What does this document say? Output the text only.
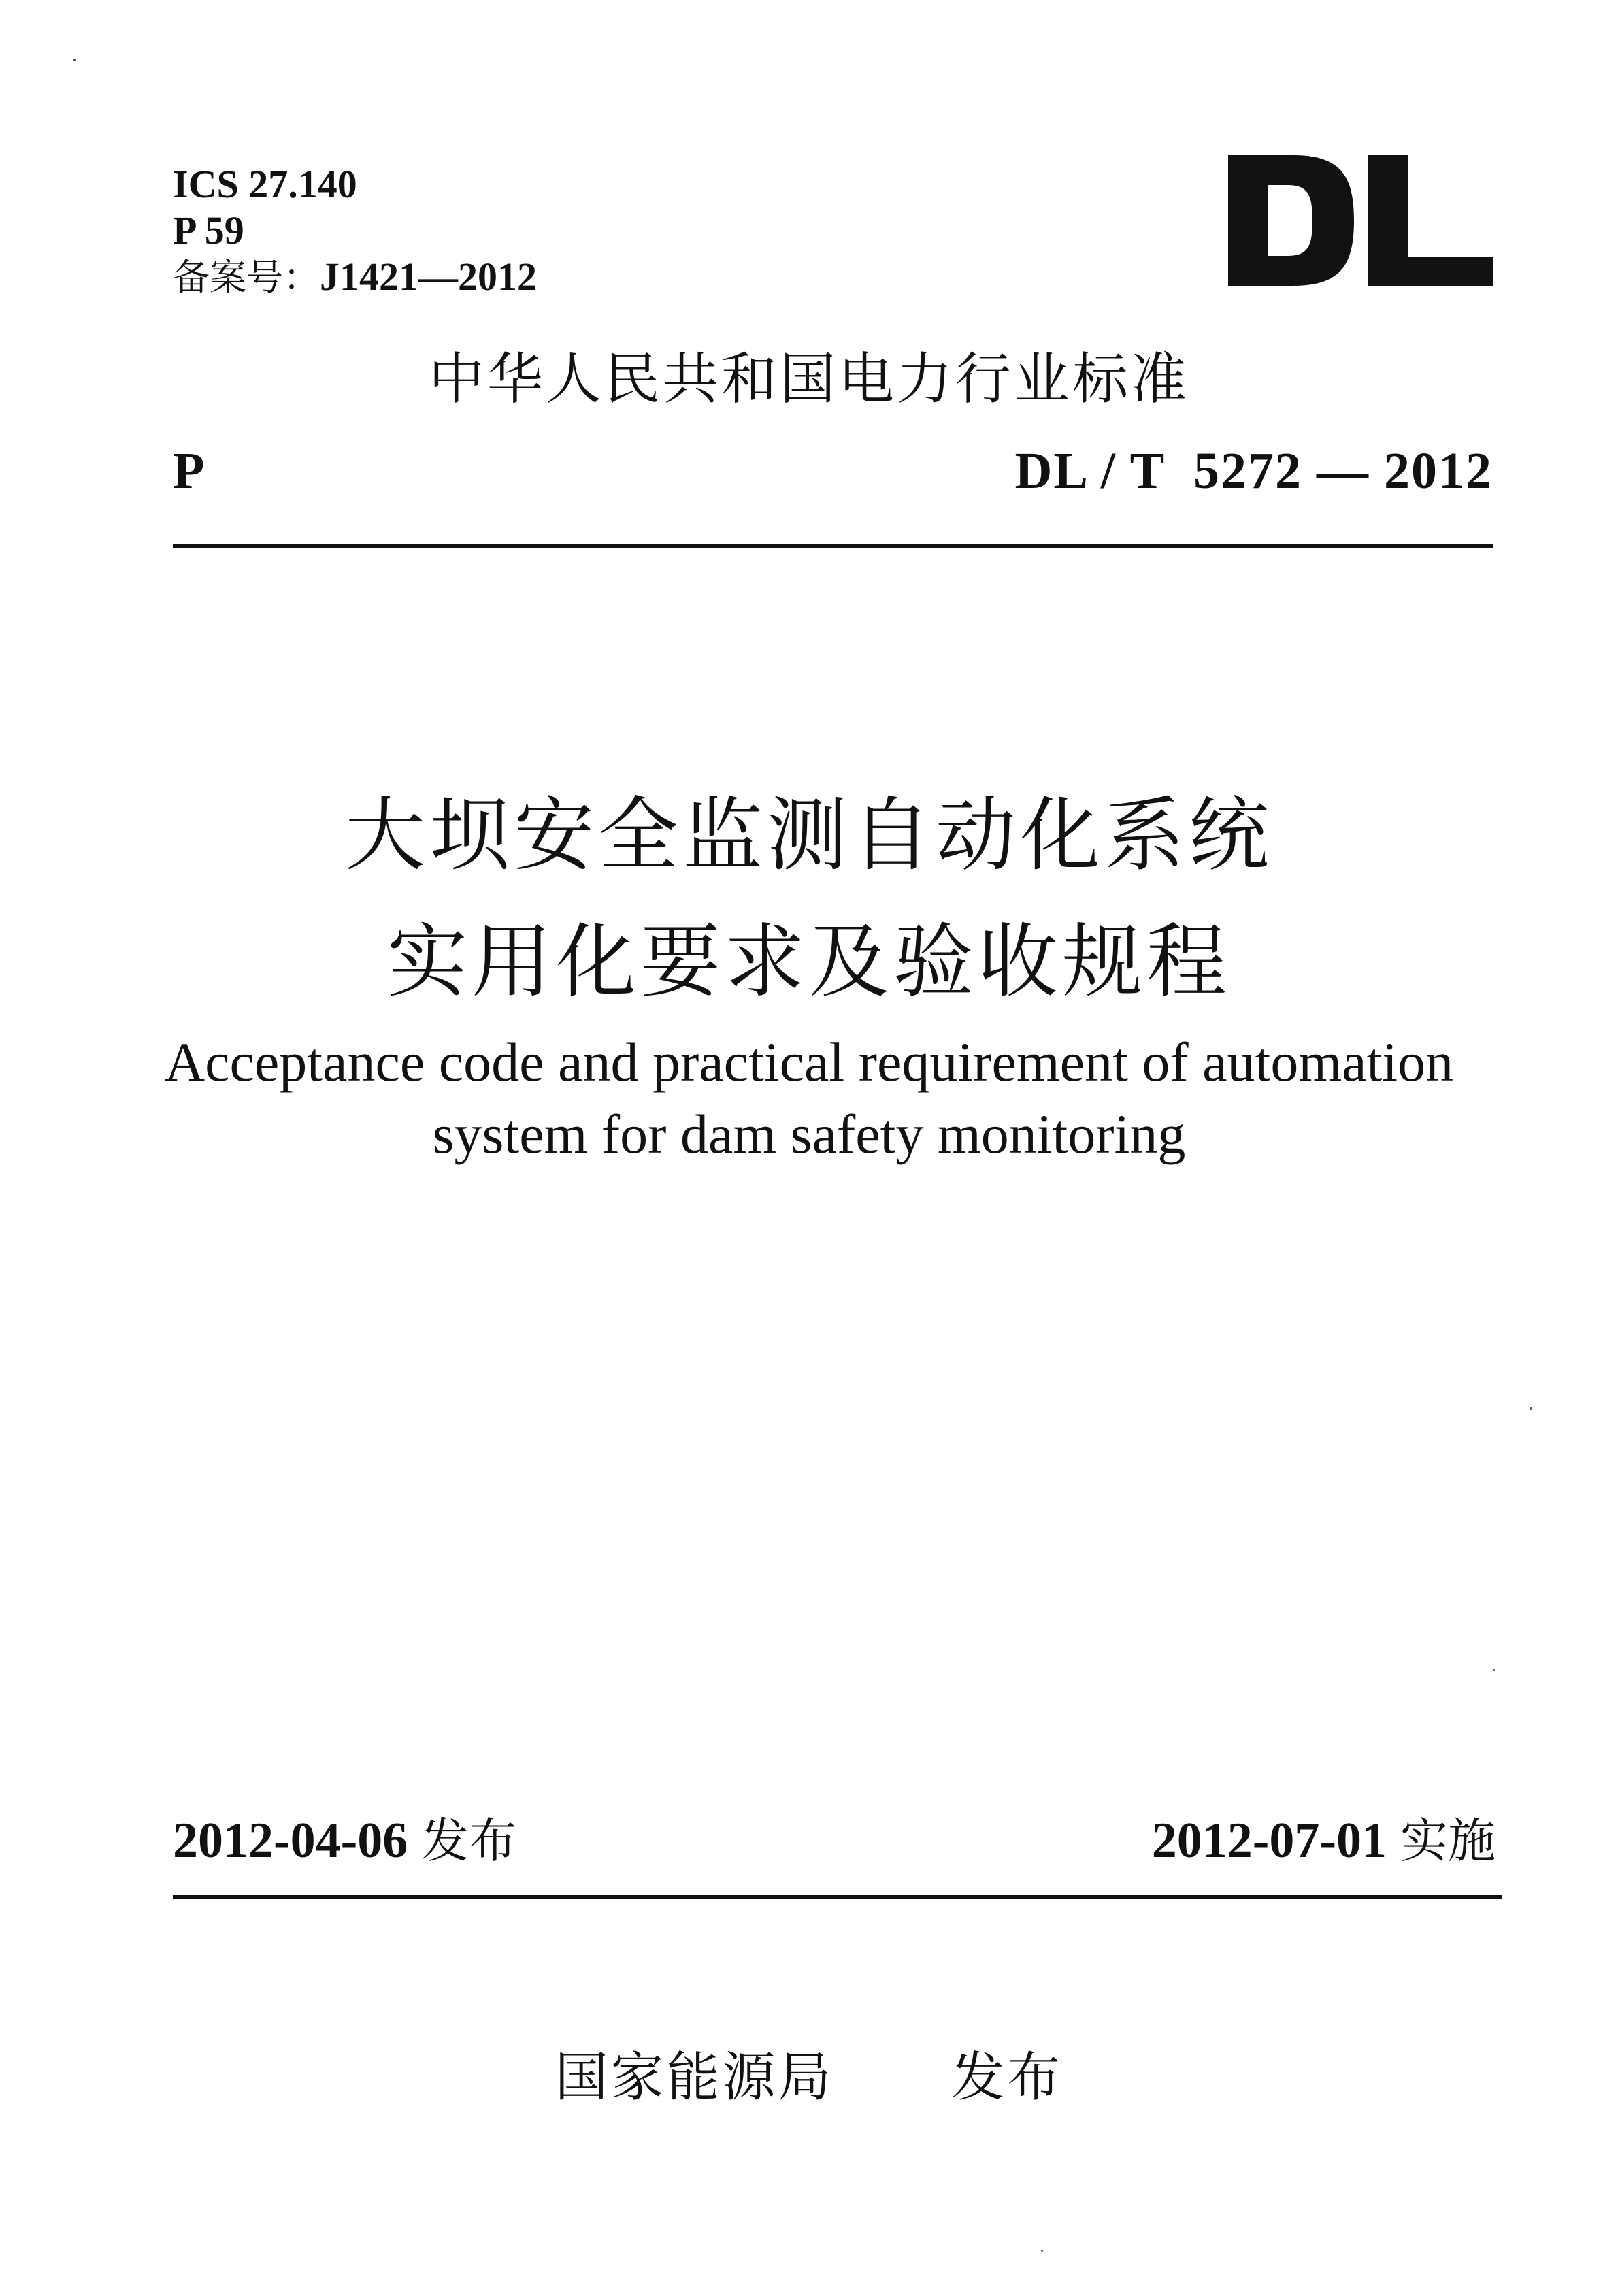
ICS 27.140
P 59
备案号：J1421—2012
中华人民共和国电力行业标准
P	DL / T  5272 — 2012
大坝安全监测自动化系统
实用化要求及验收规程
Acceptance code and practical requirement of automation
system for dam safety monitoring
2012-04-06 发布	2012-07-01 实施
国家能源局 发布
